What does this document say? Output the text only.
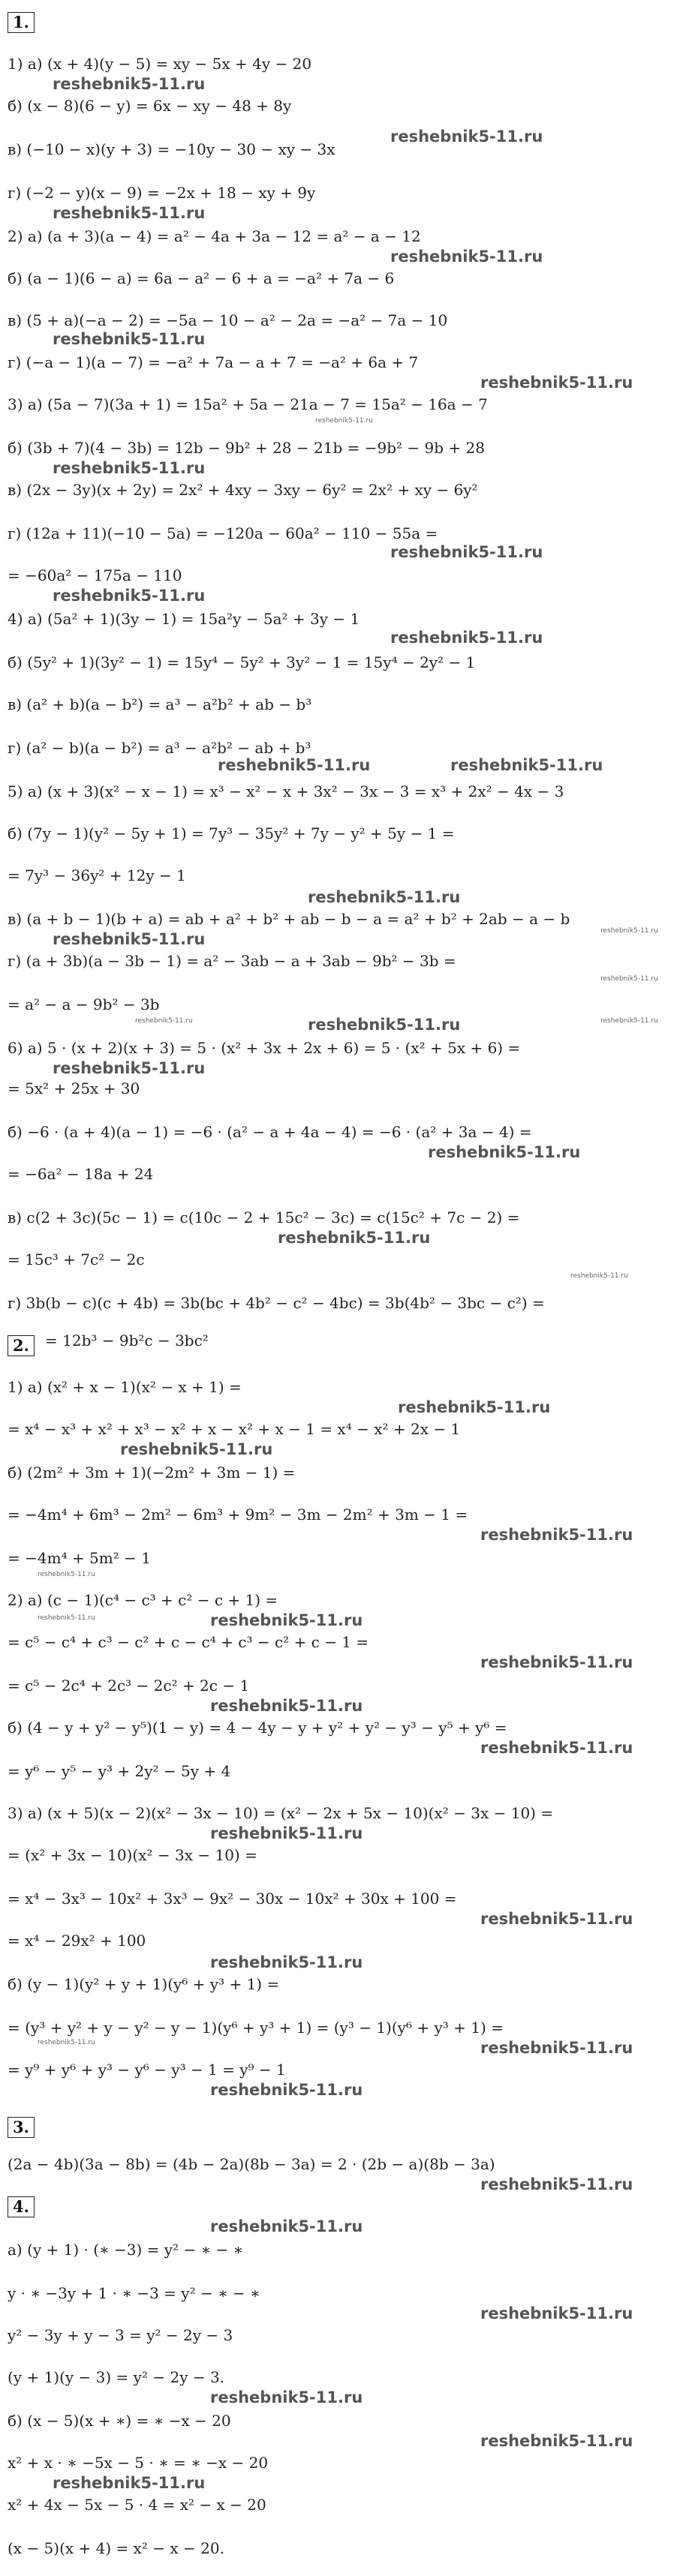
1.
2.
3.
4.
1) а) (x + 4)(y − 5) = xy − 5x + 4y − 20
б) (x − 8)(6 − y) = 6x − xy − 48 + 8y
в) (−10 − x)(y + 3) = −10y − 30 − xy − 3x
г) (−2 − y)(x − 9) = −2x + 18 − xy + 9y
2) а) (a + 3)(a − 4) = a² − 4a + 3a − 12 = a² − a − 12
б) (a − 1)(6 − a) = 6a − a² − 6 + a = −a² + 7a − 6
в) (5 + a)(−a − 2) = −5a − 10 − a² − 2a = −a² − 7a − 10
г) (−a − 1)(a − 7) = −a² + 7a − a + 7 = −a² + 6a + 7
3) а) (5a − 7)(3a + 1) = 15a² + 5a − 21a − 7 = 15a² − 16a − 7
б) (3b + 7)(4 − 3b) = 12b − 9b² + 28 − 21b = −9b² − 9b + 28
в) (2x − 3y)(x + 2y) = 2x² + 4xy − 3xy − 6y² = 2x² + xy − 6y²
г) (12a + 11)(−10 − 5a) = −120a − 60a² − 110 − 55a =
= −60a² − 175a − 110
4) а) (5a² + 1)(3y − 1) = 15a²y − 5a² + 3y − 1
б) (5y² + 1)(3y² − 1) = 15y⁴ − 5y² + 3y² − 1 = 15y⁴ − 2y² − 1
в) (a² + b)(a − b²) = a³ − a²b² + ab − b³
г) (a² − b)(a − b²) = a³ − a²b² − ab + b³
5) а) (x + 3)(x² − x − 1) = x³ − x² − x + 3x² − 3x − 3 = x³ + 2x² − 4x − 3
б) (7y − 1)(y² − 5y + 1) = 7y³ − 35y² + 7y − y² + 5y − 1 =
= 7y³ − 36y² + 12y − 1
в) (a + b − 1)(b + a) = ab + a² + b² + ab − b − a = a² + b² + 2ab − a − b
г) (a + 3b)(a − 3b − 1) = a² − 3ab − a + 3ab − 9b² − 3b =
= a² − a − 9b² − 3b
6) а) 5 · (x + 2)(x + 3) = 5 · (x² + 3x + 2x + 6) = 5 · (x² + 5x + 6) =
= 5x² + 25x + 30
б) −6 · (a + 4)(a − 1) = −6 · (a² − a + 4a − 4) = −6 · (a² + 3a − 4) =
= −6a² − 18a + 24
в) c(2 + 3c)(5c − 1) = c(10c − 2 + 15c² − 3c) = c(15c² + 7c − 2) =
= 15c³ + 7c² − 2c
г) 3b(b − c)(c + 4b) = 3b(bc + 4b² − c² − 4bc) = 3b(4b² − 3bc − c²) =
= 12b³ − 9b²c − 3bc²
1) а) (x² + x − 1)(x² − x + 1) =
= x⁴ − x³ + x² + x³ − x² + x − x² + x − 1 = x⁴ − x² + 2x − 1
б) (2m² + 3m + 1)(−2m² + 3m − 1) =
= −4m⁴ + 6m³ − 2m² − 6m³ + 9m² − 3m − 2m² + 3m − 1 =
= −4m⁴ + 5m² − 1
2) а) (c − 1)(c⁴ − c³ + c² − c + 1) =
= c⁵ − c⁴ + c³ − c² + c − c⁴ + c³ − c² + c − 1 =
= c⁵ − 2c⁴ + 2c³ − 2c² + 2c − 1
б) (4 − y + y² − y⁵)(1 − y) = 4 − 4y − y + y² + y² − y³ − y⁵ + y⁶ =
= y⁶ − y⁵ − y³ + 2y² − 5y + 4
3) а) (x + 5)(x − 2)(x² − 3x − 10) = (x² − 2x + 5x − 10)(x² − 3x − 10) =
= (x² + 3x − 10)(x² − 3x − 10) =
= x⁴ − 3x³ − 10x² + 3x³ − 9x² − 30x − 10x² + 30x + 100 =
= x⁴ − 29x² + 100
б) (y − 1)(y² + y + 1)(y⁶ + y³ + 1) =
= (y³ + y² + y − y² − y − 1)(y⁶ + y³ + 1) = (y³ − 1)(y⁶ + y³ + 1) =
= y⁹ + y⁶ + y³ − y⁶ − y³ − 1 = y⁹ − 1
(2a − 4b)(3a − 8b) = (4b − 2a)(8b − 3a) = 2 · (2b − a)(8b − 3a)
а) (y + 1) · (∗ −3) = y² − ∗ − ∗
y · ∗ −3y + 1 · ∗ −3 = y² − ∗ − ∗
y² − 3y + y − 3 = y² − 2y − 3
(y + 1)(y − 3) = y² − 2y − 3.
б) (x − 5)(x + ∗) = ∗ −x − 20
x² + x · ∗ −5x − 5 · ∗ = ∗ −x − 20
x² + 4x − 5x − 5 · 4 = x² − x − 20
(x − 5)(x + 4) = x² − x − 20.
reshebnik5-11.ru
reshebnik5-11.ru
reshebnik5-11.ru
reshebnik5-11.ru
reshebnik5-11.ru
reshebnik5-11.ru
reshebnik5-11.ru
reshebnik5-11.ru
reshebnik5-11.ru
reshebnik5-11.ru
reshebnik5-11.ru	reshebnik5-11.ru
reshebnik5-11.ru
reshebnik5-11.ru
reshebnik5-11.ru
reshebnik5-11.ru
reshebnik5-11.ru
reshebnik5-11.ru
reshebnik5-11.ru
reshebnik5-11.ru
reshebnik5-11.ru
reshebnik5-11.ru
reshebnik5-11.ru
reshebnik5-11.ru
reshebnik5-11.ru
reshebnik5-11.ru
reshebnik5-11.ru
reshebnik5-11.ru
reshebnik5-11.ru
reshebnik5-11.ru
reshebnik5-11.ru
reshebnik5-11.ru
reshebnik5-11.ru
reshebnik5-11.ru
reshebnik5-11.ru
reshebnik5-11.ru
reshebnik5-11.ru
reshebnik5-11.ru
reshebnik5-11.ru
reshebnik5-11.ru	reshebnik5-11.ru
reshebnik5-11.ru
reshebnik5-11.ru
reshebnik5-11.ru
reshebnik5-11.ru
